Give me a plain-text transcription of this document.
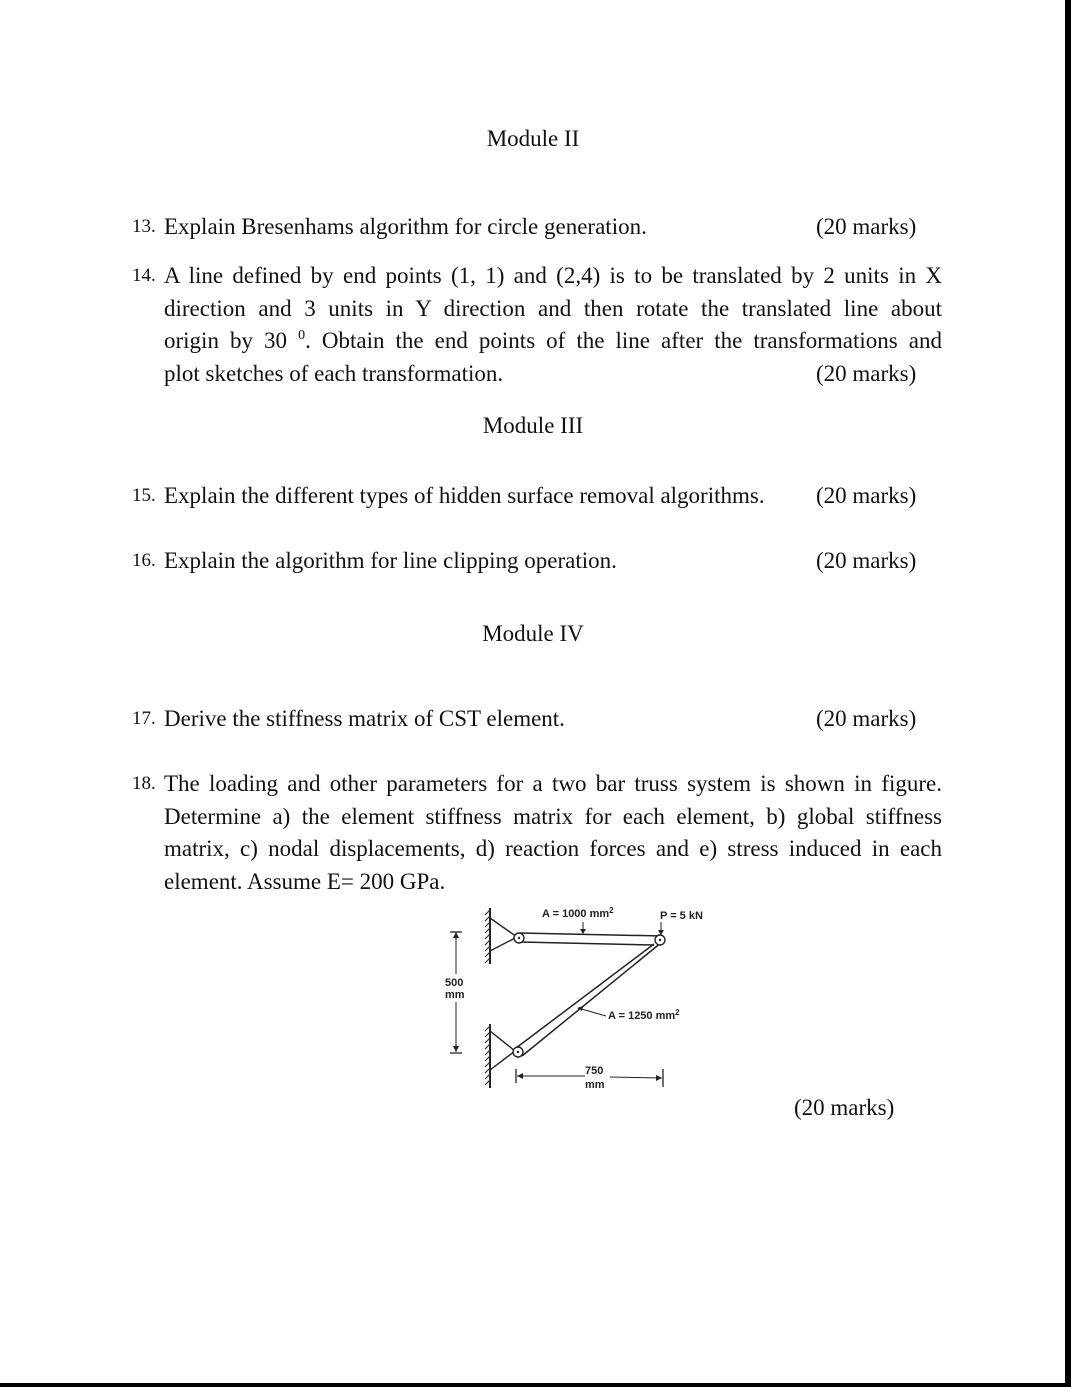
Module II
13. Explain Bresenhams algorithm for circle generation.	(20 marks)
14. A line defined by end points (1, 1) and (2,4) is to be translated by 2 units in X
direction and 3 units in Y direction and then rotate the translated line about
origin by 30 $^0$. Obtain the end points of the line after the transformations and
plot sketches of each transformation.	(20 marks)
Module III
15. Explain the different types of hidden surface removal algorithms.	(20 marks)
16. Explain the algorithm for line clipping operation.	(20 marks)
Module IV
17. Derive the stiffness matrix of CST element.	(20 marks)
18. The loading and other parameters for a two bar truss system is shown in figure.
Determine a) the element stiffness matrix for each element, b) global stiffness
matrix, c) nodal displacements, d) reaction forces and e) stress induced in each
element. Assume E= 200 GPa.
A = 1000 $mm^2$	P = 5 kN
A = 1250 $mm^2$
500
mm
750
mm
(20 marks)
